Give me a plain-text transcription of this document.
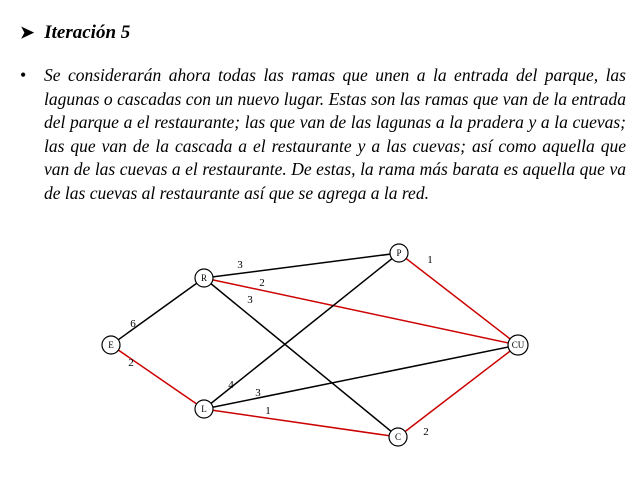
➤ Iteración 5
•	Se considerarán ahora todas las ramas que unen a la entrada del parque, las lagunas o cascadas con un nuevo lugar. Estas son las ramas que van de la entrada del parque a el restaurante; las que van de las lagunas a la pradera y a la cuevas; las que van de la cascada a el restaurante y a las cuevas; así como aquella que van de las cuevas a el restaurante. De estas, la rama más barata es aquella que va de las cuevas al restaurante así que se agrega a la red.
6
2
3
2
3
4
3
1
1
2
E
R
L
P
C
CU
